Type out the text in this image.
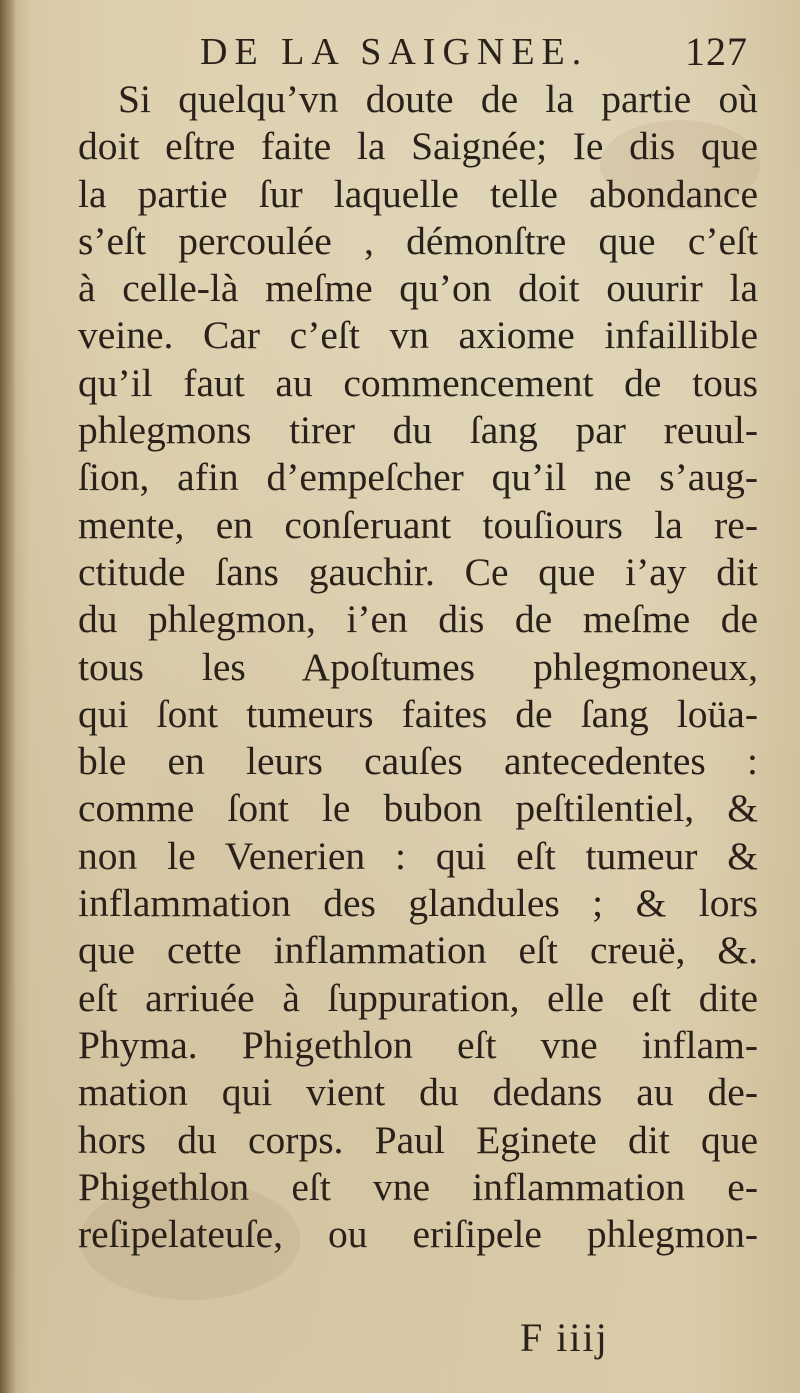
DE LA SAIGNEE. 127
Si quelqu’vn doute de la partie où
doit eſtre faite la Saignée; Ie dis que
la partie ſur laquelle telle abondance
s’eſt percoulée , démonſtre que c’eſt
à celle-là meſme qu’on doit ouurir la
veine. Car c’eſt vn axiome infaillible
qu’il faut au commencement de tous
phlegmons tirer du ſang par reuul-
ſion, afin d’empeſcher qu’il ne s’aug-
mente, en conſeruant touſiours la re-
ctitude ſans gauchir. Ce que i’ay dit
du phlegmon, i’en dis de meſme de
tous les Apoſtumes phlegmoneux,
qui ſont tumeurs faites de ſang loüa-
ble en leurs cauſes antecedentes :
comme ſont le bubon peſtilentiel, &
non le Venerien : qui eſt tumeur &
inflammation des glandules ; & lors
que cette inflammation eſt creuë, &.
eſt arriuée à ſuppuration, elle eſt dite
Phyma. Phigethlon eſt vne inflam-
mation qui vient du dedans au de-
hors du corps. Paul Eginete dit que
Phigethlon eſt vne inflammation e-
reſipelateuſe, ou eriſipele phlegmon-
F iiij
